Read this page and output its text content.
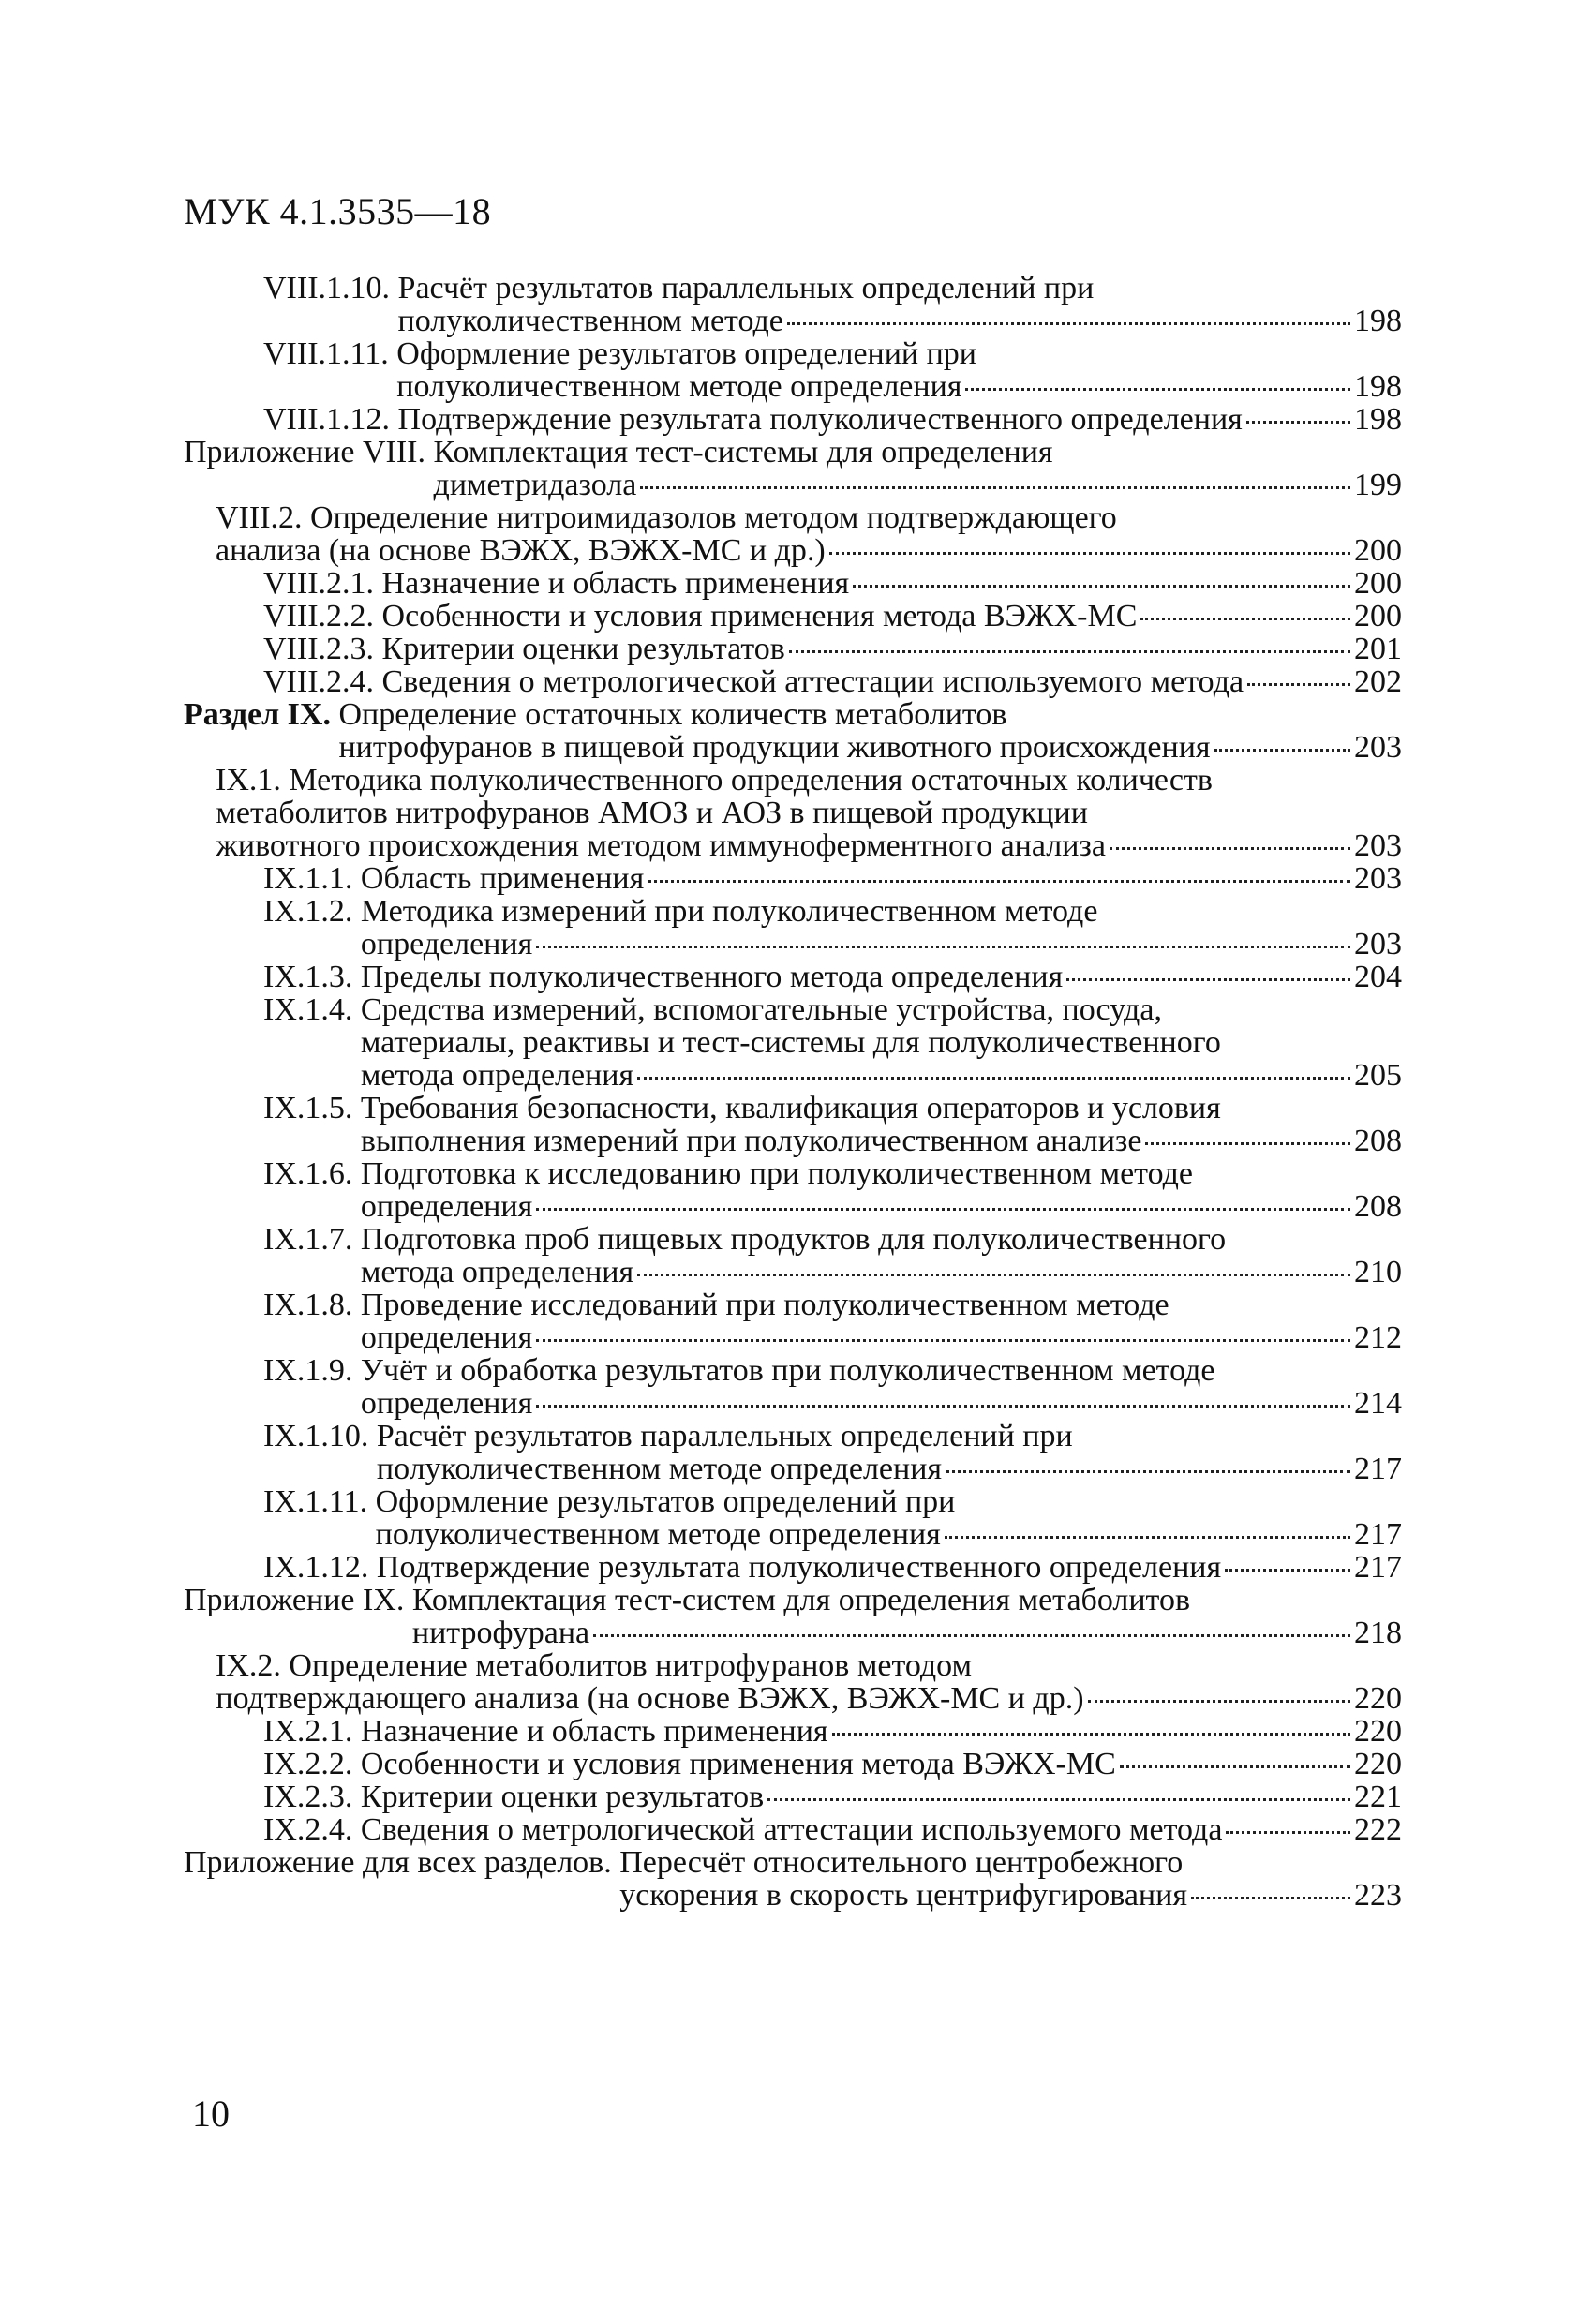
МУК 4.1.3535—18
VIII.1.10. Расчёт результатов параллельных определений при
полуколичественном методе	198
VIII.1.11. Оформление результатов определений при
полуколичественном методе определения	198
VIII.1.12. Подтверждение результата полуколичественного определения	198
Приложение VIII. Комплектация тест-системы для определения
диметридазола	199
VIII.2. Определение нитроимидазолов методом подтверждающего
анализа (на основе ВЭЖХ, ВЭЖХ-МС и др.)	200
VIII.2.1. Назначение и область применения	200
VIII.2.2. Особенности и условия применения метода ВЭЖХ-МС	200
VIII.2.3. Критерии оценки результатов	201
VIII.2.4. Сведения о метрологической аттестации используемого метода	202
Раздел IX. Определение остаточных количеств метаболитов
нитрофуранов в пищевой продукции животного происхождения	203
IX.1. Методика полуколичественного определения остаточных количеств
метаболитов нитрофуранов АМОЗ и АОЗ в пищевой продукции
животного происхождения методом иммуноферментного анализа	203
IX.1.1. Область применения	203
IX.1.2. Методика измерений при полуколичественном методе
определения	203
IX.1.3. Пределы полуколичественного метода определения	204
IX.1.4. Средства измерений, вспомогательные устройства, посуда,
материалы, реактивы и тест-системы для полуколичественного
метода определения	205
IX.1.5. Требования безопасности, квалификация операторов и условия
выполнения измерений при полуколичественном анализе	208
IX.1.6. Подготовка к исследованию при полуколичественном методе
определения	208
IX.1.7. Подготовка проб пищевых продуктов для полуколичественного
метода определения	210
IX.1.8. Проведение исследований при полуколичественном методе
определения	212
IX.1.9. Учёт и обработка результатов при полуколичественном методе
определения	214
IX.1.10. Расчёт результатов параллельных определений при
полуколичественном методе определения	217
IX.1.11. Оформление результатов определений при
полуколичественном методе определения	217
IX.1.12. Подтверждение результата полуколичественного определения	217
Приложение IX. Комплектация тест-систем для определения метаболитов
нитрофурана	218
IX.2. Определение метаболитов нитрофуранов методом
подтверждающего анализа (на основе ВЭЖХ, ВЭЖХ-МС и др.)	220
IX.2.1. Назначение и область применения	220
IX.2.2. Особенности и условия применения метода ВЭЖХ-МС	220
IX.2.3. Критерии оценки результатов	221
IX.2.4. Сведения о метрологической аттестации используемого метода	222
Приложение для всех разделов. Пересчёт относительного центробежного
ускорения в скорость центрифугирования	223
10
